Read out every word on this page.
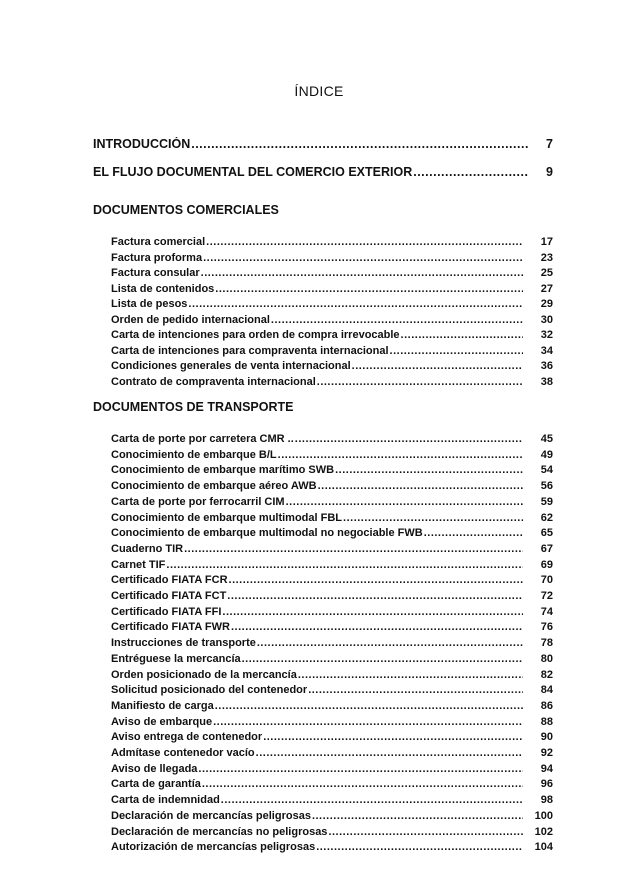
ÍNDICE
INTRODUCCIÓN .....	7
EL FLUJO DOCUMENTAL DEL COMERCIO EXTERIOR .....	9
DOCUMENTOS COMERCIALES
Factura comercial .....	17
Factura proforma .....	23
Factura consular .....	25
Lista de contenidos .....	27
Lista de pesos .....	29
Orden de pedido internacional .....	30
Carta de intenciones para orden de compra irrevocable .....	32
Carta de intenciones para compraventa internacional .....	34
Condiciones generales de venta internacional .....	36
Contrato de compraventa internacional .....	38
DOCUMENTOS DE TRANSPORTE
Carta de porte por carretera CMR .. .....	45
Conocimiento de embarque B/L .....	49
Conocimiento de embarque marítimo SWB .....	54
Conocimiento de embarque aéreo AWB .....	56
Carta de porte por ferrocarril CIM .....	59
Conocimiento de embarque multimodal FBL .....	62
Conocimiento de embarque multimodal no negociable FWB .....	65
Cuaderno TIR .....	67
Carnet TIF .....	69
Certificado FIATA FCR .....	70
Certificado FIATA FCT .....	72
Certificado FIATA FFI .....	74
Certificado FIATA FWR .....	76
Instrucciones de transporte .....	78
Entréguese la mercancía .....	80
Orden posicionado de la mercancía .....	82
Solicitud posicionado del contenedor .....	84
Manifiesto de carga .....	86
Aviso de embarque .....	88
Aviso entrega de contenedor .....	90
Admítase contenedor vacío .....	92
Aviso de llegada .....	94
Carta de garantía .....	96
Carta de indemnidad .....	98
Declaración de mercancías peligrosas .....	100
Declaración de mercancías no peligrosas .....	102
Autorización de mercancías peligrosas .....	104
